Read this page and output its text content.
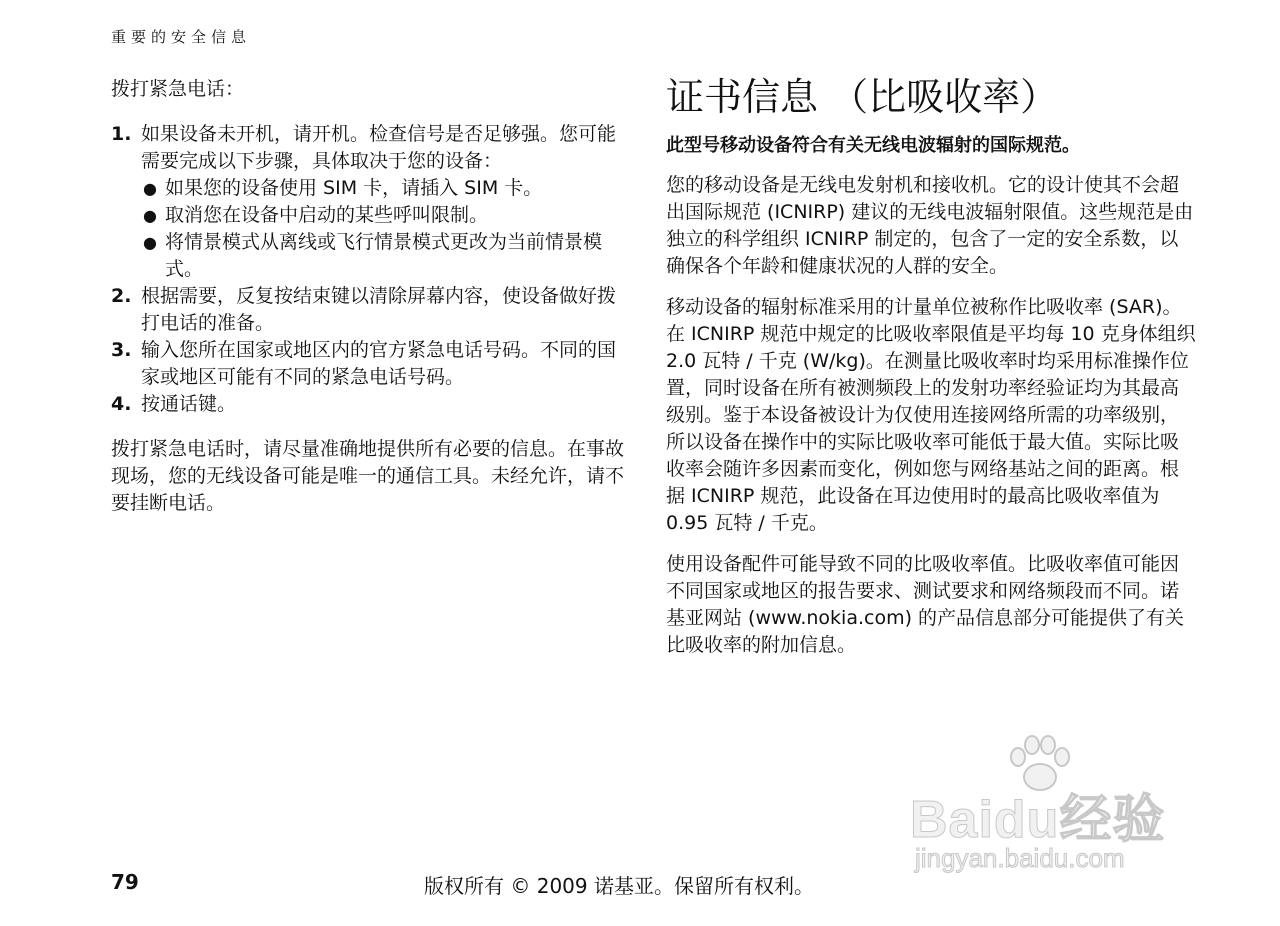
重要的安全信息

拨打紧急电话：

1. 如果设备未开机，请开机。检查信号是否足够强。您可能需要完成以下步骤，具体取决于您的设备：
● 如果您的设备使用 SIM 卡，请插入 SIM 卡。
● 取消您在设备中启动的某些呼叫限制。
● 将情景模式从离线或飞行情景模式更改为当前情景模式。
2. 根据需要，反复按结束键以清除屏幕内容，使设备做好拨打电话的准备。
3. 输入您所在国家或地区内的官方紧急电话号码。不同的国家或地区可能有不同的紧急电话号码。
4. 按通话键。

拨打紧急电话时，请尽量准确地提供所有必要的信息。在事故现场，您的无线设备可能是唯一的通信工具。未经允许，请不要挂断电话。

证书信息 （比吸收率）

此型号移动设备符合有关无线电波辐射的国际规范。

您的移动设备是无线电发射机和接收机。它的设计使其不会超出国际规范 (ICNIRP) 建议的无线电波辐射限值。这些规范是由独立的科学组织 ICNIRP 制定的，包含了一定的安全系数，以确保各个年龄和健康状况的人群的安全。

移动设备的辐射标准采用的计量单位被称作比吸收率 (SAR)。在 ICNIRP 规范中规定的比吸收率限值是平均每 10 克身体组织 2.0 瓦特 / 千克 (W/kg)。在测量比吸收率时均采用标准操作位置，同时设备在所有被测频段上的发射功率经验证均为其最高级别。鉴于本设备被设计为仅使用连接网络所需的功率级别，所以设备在操作中的实际比吸收率可能低于最大值。实际比吸收率会随许多因素而变化，例如您与网络基站之间的距离。根据 ICNIRP 规范，此设备在耳边使用时的最高比吸收率值为 0.95 瓦特 / 千克。

使用设备配件可能导致不同的比吸收率值。比吸收率值可能因不同国家或地区的报告要求、测试要求和网络频段而不同。诺基亚网站 (www.nokia.com) 的产品信息部分可能提供了有关比吸收率的附加信息。

79	版权所有 © 2009 诺基亚。保留所有权利。
Baidu经验
jingyan.baidu.com
